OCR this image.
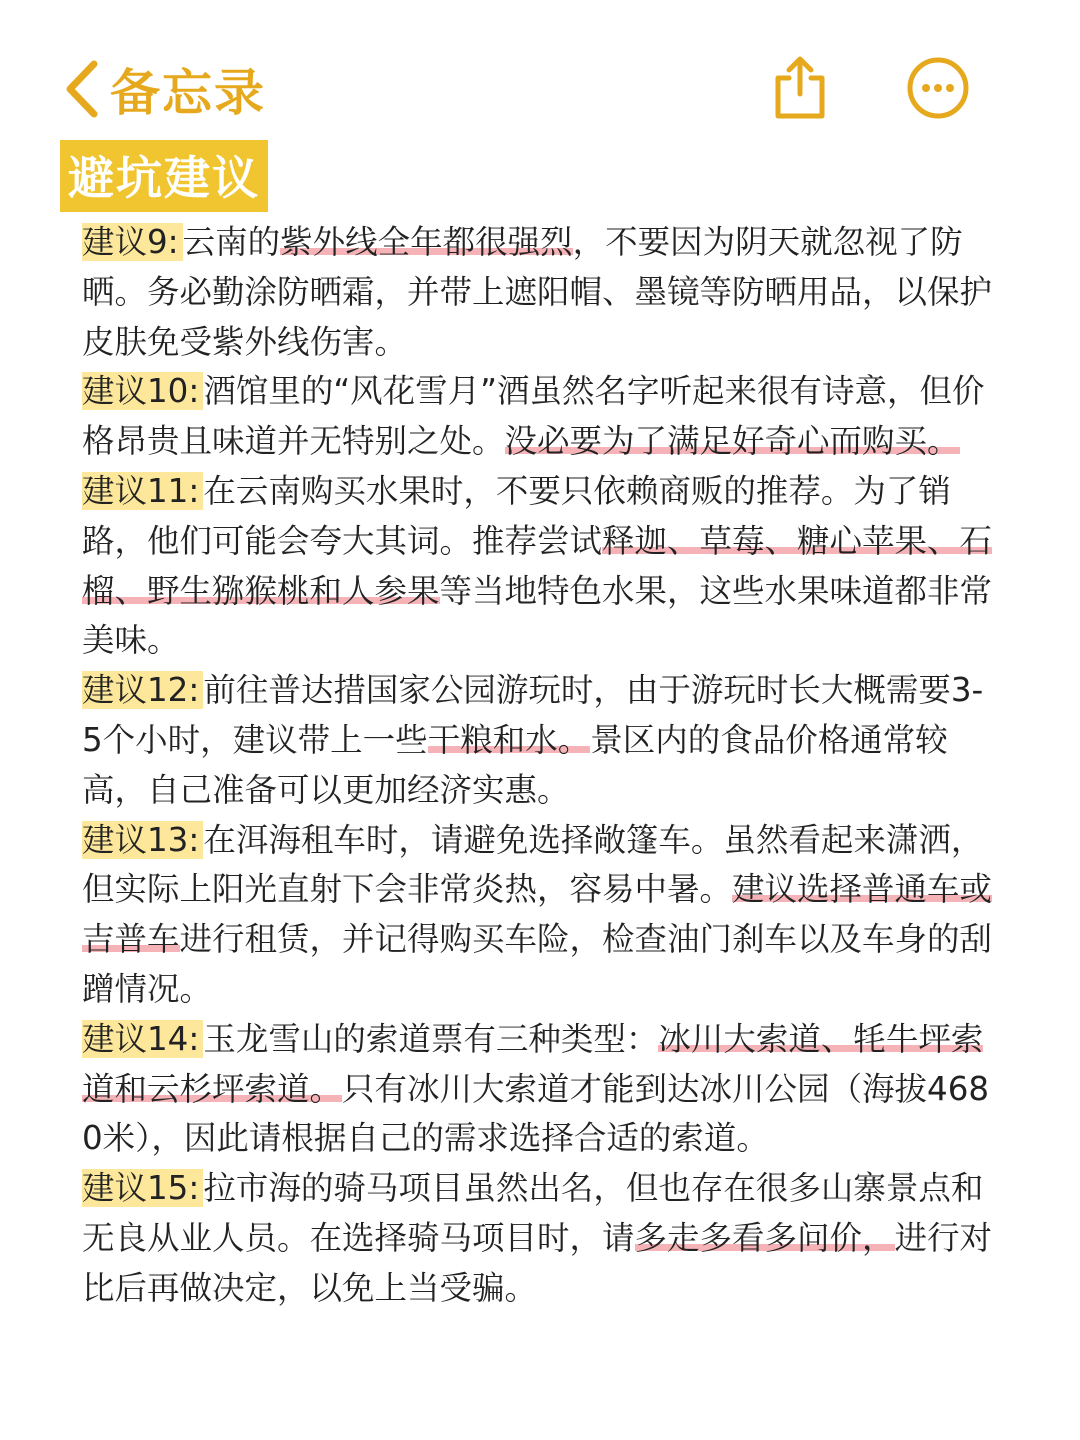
备忘录
避坑建议

建议9: 云南的紫外线全年都很强烈，不要因为阴天就忽视了防晒。务必勤涂防晒霜，并带上遮阳帽、墨镜等防晒用品，以保护皮肤免受紫外线伤害。

建议10: 酒馆里的“风花雪月”酒虽然名字听起来很有诗意，但价格昂贵且味道并无特别之处。没必要为了满足好奇心而购买。

建议11: 在云南购买水果时，不要只依赖商贩的推荐。为了销路，他们可能会夸大其词。推荐尝试释迦、草莓、糖心苹果、石榴、野生猕猴桃和人参果等当地特色水果，这些水果味道都非常美味。

建议12: 前往普达措国家公园游玩时，由于游玩时长大概需要3-5个小时，建议带上一些干粮和水。景区内的食品价格通常较高，自己准备可以更加经济实惠。

建议13: 在洱海租车时，请避免选择敞篷车。虽然看起来潇洒，但实际上阳光直射下会非常炎热，容易中暑。建议选择普通车或吉普车进行租赁，并记得购买车险，检查油门刹车以及车身的刮蹭情况。

建议14: 玉龙雪山的索道票有三种类型：冰川大索道、牦牛坪索道和云杉坪索道。只有冰川大索道才能到达冰川公园（海拔4680米），因此请根据自己的需求选择合适的索道。

建议15: 拉市海的骑马项目虽然出名，但也存在很多山寨景点和无良从业人员。在选择骑马项目时，请多走多看多问价，进行对比后再做决定，以免上当受骗。
